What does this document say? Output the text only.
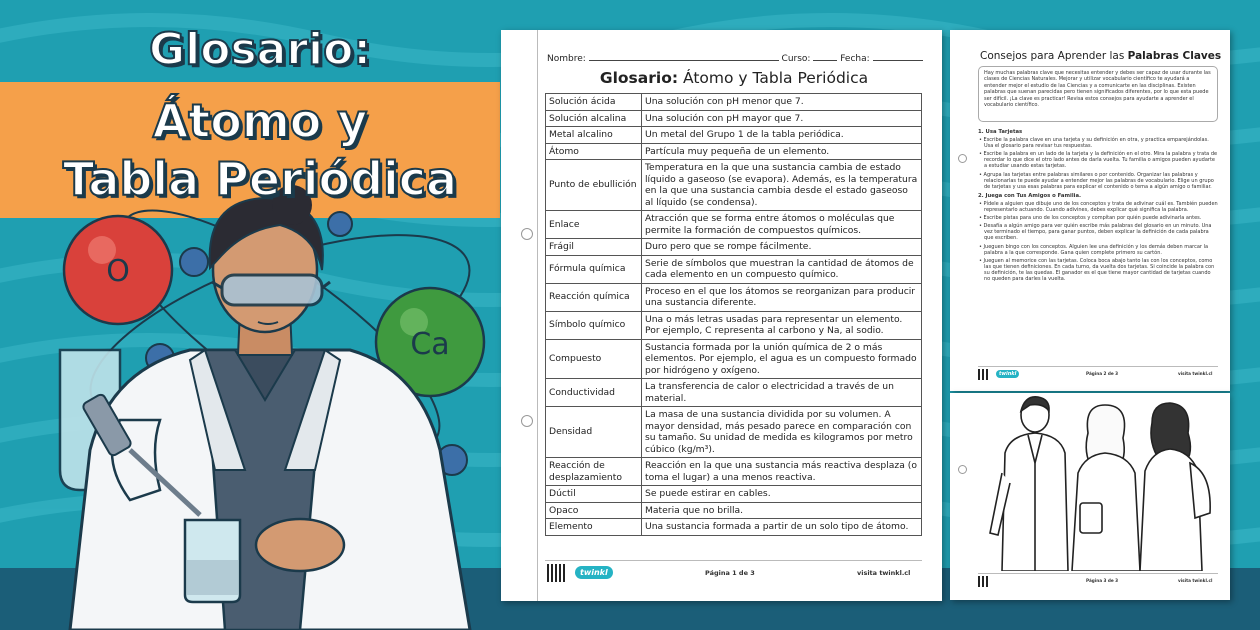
O
Ca
Glosario:
Átomo y
Tabla Periódica
Nombre:	Curso:	Fecha:
Glosario: Átomo y Tabla Periódica
Solución ácida	Una solución con pH menor que 7.
Solución alcalina	Una solución con pH mayor que 7.
Metal alcalino	Un metal del Grupo 1 de la tabla periódica.
Átomo	Partícula muy pequeña de un elemento.
Punto de ebullición	Temperatura en la que una sustancia cambia de estado líquido a gaseoso (se evapora). Además, es la temperatura en la que una sustancia cambia desde el estado gaseoso al líquido (se condensa).
Enlace	Atracción que se forma entre átomos o moléculas que permite la formación de compuestos químicos.
Frágil	Duro pero que se rompe fácilmente.
Fórmula química	Serie de símbolos que muestran la cantidad de átomos de cada elemento en un compuesto químico.
Reacción química	Proceso en el que los átomos se reorganizan para producir una sustancia diferente.
Símbolo químico	Una o más letras usadas para representar un elemento. Por ejemplo, C representa al carbono y Na, al sodio.
Compuesto	Sustancia formada por la unión química de 2 o más elementos. Por ejemplo, el agua es un compuesto formado por hidrógeno y oxígeno.
Conductividad	La transferencia de calor o electricidad a través de un material.
Densidad	La masa de una sustancia dividida por su volumen. A mayor densidad, más pesado parece en comparación con su tamaño. Su unidad de medida es kilogramos por metro cúbico (kg/m³).
Reacción de desplazamiento	Reacción en la que una sustancia más reactiva desplaza (o toma el lugar) a una menos reactiva.
Dúctil	Se puede estirar en cables.
Opaco	Materia que no brilla.
Elemento	Una sustancia formada a partir de un solo tipo de átomo.
twinkl	Página 1 de 3	visita twinkl.cl
Consejos para Aprender las Palabras Claves
Hay muchas palabras clave que necesitas entender y debes ser capaz de usar durante las clases de Ciencias Naturales. Mejorar y utilizar vocabulario científico te ayudará a entender mejor el estudio de las Ciencias y a comunicarte en las disciplinas. Existen palabras que suenan parecidas pero tienen significados diferentes, por lo que esta puede ser difícil. ¡La clave es practicar! Revisa estos consejos para ayudarte a aprender el vocabulario científico.
1. Usa Tarjetas

• Escribe la palabra clave en una tarjeta y su definición en otra, y practica emparejándolas. Usa el glosario para revisar tus respuestas.

• Escribe la palabra en un lado de la tarjeta y la definición en el otro. Mira la palabra y trata de recordar lo que dice el otro lado antes de darla vuelta. Tu familia o amigos pueden ayudarte a estudiar usando estas tarjetas.

• Agrupa las tarjetas entre palabras similares o por contenido. Organizar las palabras y relacionarlas te puede ayudar a entender mejor las palabras de vocabulario. Elige un grupo de tarjetas y usa esas palabras para explicar el contenido o tema a algún amigo o familiar.

2. Juega con Tus Amigos o Familia.

• Pídele a alguien que dibuje uno de los conceptos y trata de adivinar cuál es. También pueden representarlo actuando. Cuando adivines, debes explicar qué significa la palabra.

• Escribe pistas para uno de los conceptos y compítan por quién puede adivinarla antes.

• Desafía a algún amigo para ver quién escribe más palabras del glosario en un minuto. Una vez terminado el tiempo, para ganar puntos, deben explicar la definición de cada palabra que escriben.

• Jueguen bingo con los conceptos. Alguien lee una definición y los demás deben marcar la palabra a la que corresponde. Gana quien complete primero su cartón.

• Jueguen al memorice con las tarjetas. Coloca boca abajo tanto las con los conceptos, como las que tienen definiciones. En cada turno, da vuelta dos tarjetas. Si coincide la palabra con su definición, te las quedas. El ganador es el que tiene mayor cantidad de tarjetas cuando no queden para darles la vuelta.

twinkl	Página 2 de 3	visita twinkl.cl
Página 3 de 3	visita twinkl.cl
